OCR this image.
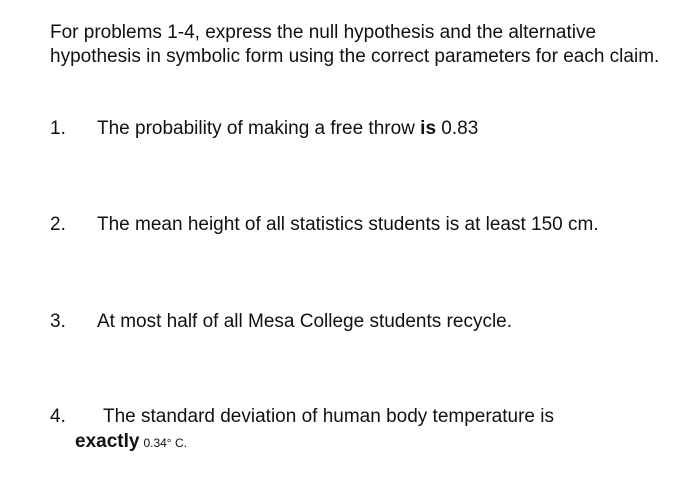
For problems 1-4, express the null hypothesis and the alternative hypothesis in symbolic form using the correct parameters for each claim.

1. The probability of making a free throw is 0.83
2. The mean height of all statistics students is at least 150 cm.
3. At most half of all Mesa College students recycle.
4. The standard deviation of human body temperature is
exactly 0.34° C.
